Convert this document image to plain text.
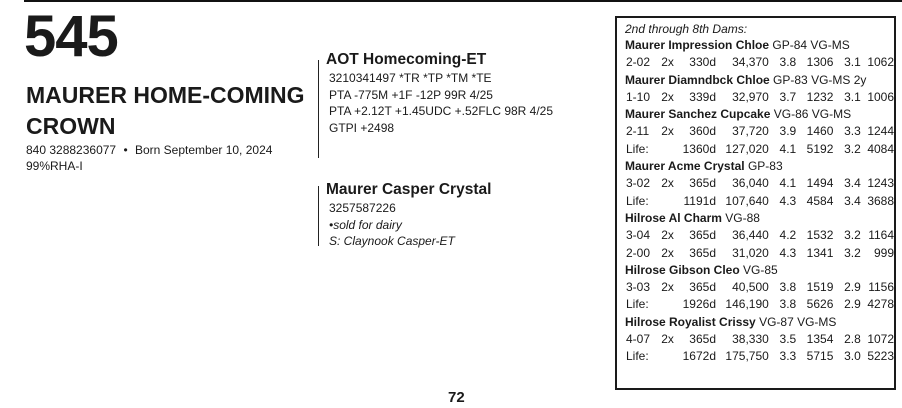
545
MAURER HOME-COMING CROWN
840 3288236077 • Born September 10, 2024
99%RHA-I
AOT Homecoming-ET
3210341497 *TR *TP *TM *TE
PTA -775M +1F -12P 99R 4/25
PTA +2.12T +1.45UDC +.52FLC 98R 4/25
GTPI +2498
Maurer Casper Crystal
3257587226
•sold for dairy
S: Claynook Casper-ET
2nd through 8th Dams:
Maurer Impression Chloe GP-84 VG-MS
2-02 2x	330d	34,370 3.8 1306 3.1 1062
Maurer Diamndbck Chloe GP-83 VG-MS 2y
1-10 2x	339d	32,970 3.7 1232 3.1 1006
Maurer Sanchez Cupcake VG-86 VG-MS
2-11	2x	360d	37,720 3.9 1460 3.3 1244
Life:	1360d 127,020 4.1 5192 3.2 4084
Maurer Acme Crystal GP-83
3-02 2x	365d	36,040 4.1 1494 3.4 1243
Life:	1191d 107,640 4.3 4584 3.4 3688
Hilrose Al Charm VG-88
3-04 2x	365d	36,440 4.2 1532 3.2 1164
2-00 2x	365d	31,020 4.3 1341 3.2	999
Hilrose Gibson Cleo VG-85
3-03 2x	365d	40,500 3.8 1519 2.9 1156
Life:	1926d 146,190 3.8 5626 2.9 4278
Hilrose Royalist Crissy VG-87 VG-MS
4-07 2x	365d	38,330 3.5 1354 2.8 1072
Life:	1672d 175,750 3.3 5715 3.0 5223
72
